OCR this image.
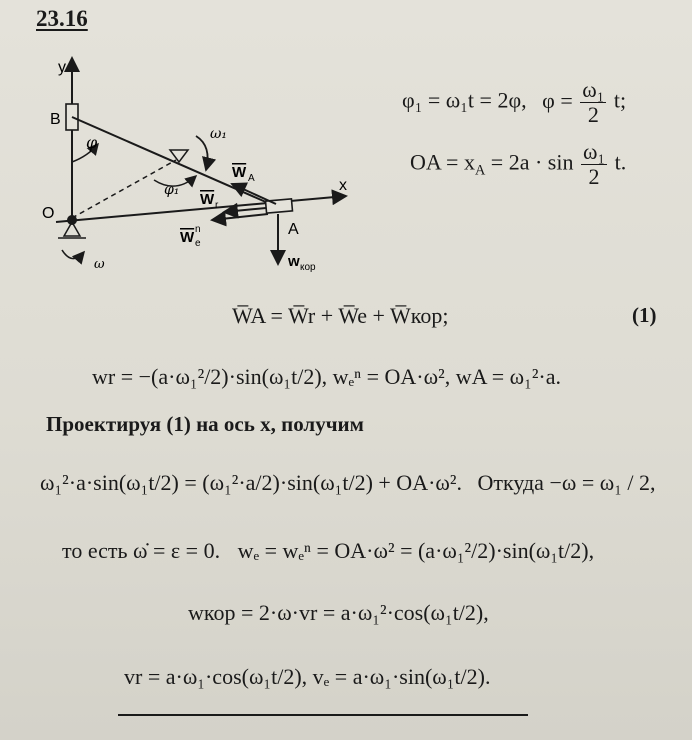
23.16
y
B
x
A
O
φ
φ₁
ω₁
ω
W A
W r
W e
n
w кор
φ₁ = ω₁t = 2φ, $\varphi = \frac{\text{ω₁}}{2} t$;
OA = $x_A = 2a \cdot \sin \frac{\text{ω₁}}{2} t$.
W̅A = W̅r + W̅e + W̅кор;	(1)
wr = −(a·ω₁²/2)·sin(ω₁t/2), wₑⁿ = OA·ω², wA = ω₁²·a.
Проектируя (1) на ось x, получим
ω₁²·a·sin(ω₁t/2) = (ω₁²·a/2)·sin(ω₁t/2) + OA·ω². Откуда −ω = ω₁ / 2,
то есть ω̇ = ε = 0. wₑ = wₑⁿ = OA·ω² = (a·ω₁²/2)·sin(ω₁t/2),
wкор = 2·ω·vr = a·ω₁²·cos(ω₁t/2),
vr = a·ω₁·cos(ω₁t/2), vₑ = a·ω₁·sin(ω₁t/2).
